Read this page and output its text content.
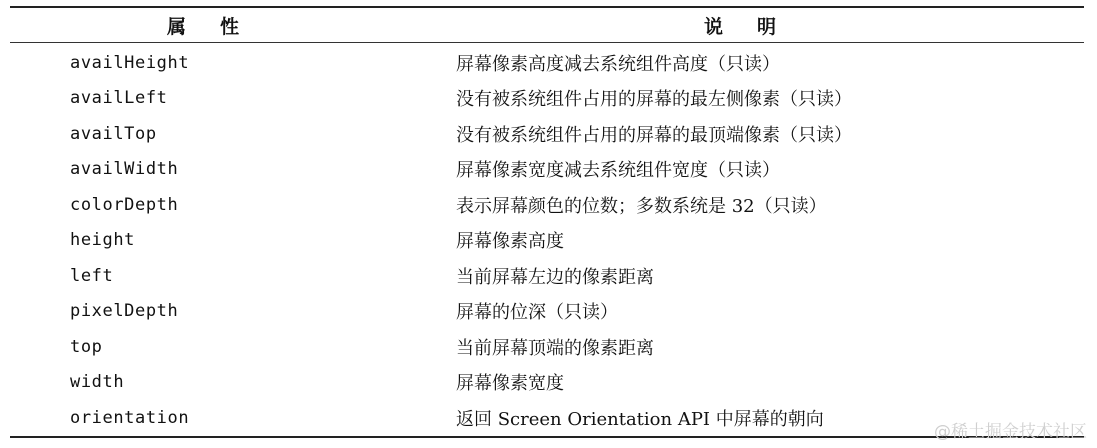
属性	说明
availHeight	屏幕像素高度减去系统组件高度（只读）
availLeft	没有被系统组件占用的屏幕的最左侧像素（只读）
availTop	没有被系统组件占用的屏幕的最顶端像素（只读）
availWidth	屏幕像素宽度减去系统组件宽度（只读）
colorDepth	表示屏幕颜色的位数；多数系统是 32（只读）
height	屏幕像素高度
left	当前屏幕左边的像素距离
pixelDepth	屏幕的位深（只读）
top	当前屏幕顶端的像素距离
width	屏幕像素宽度
orientation	返回 Screen Orientation API 中屏幕的朝向
@稀土掘金技术社区
